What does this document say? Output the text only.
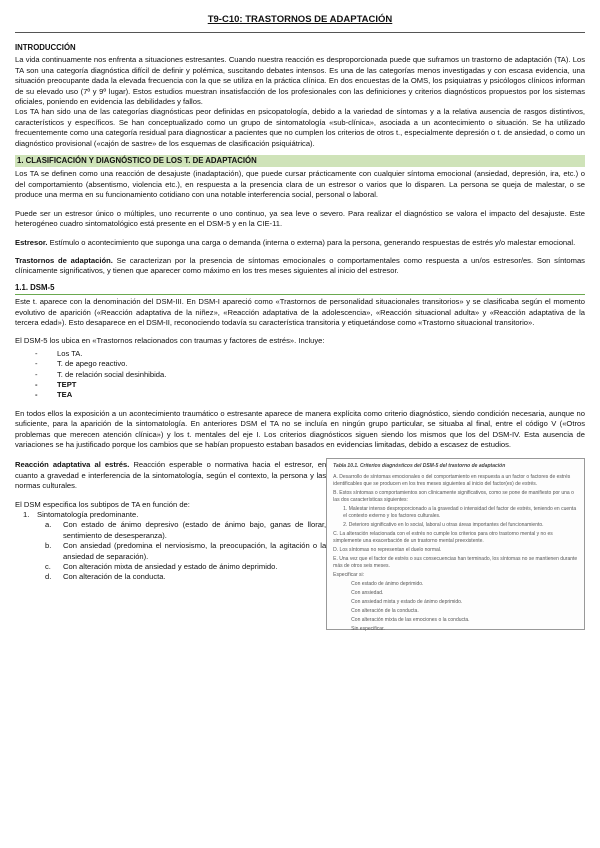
T9-C10: TRASTORNOS DE ADAPTACIÓN
INTRODUCCIÓN

La vida continuamente nos enfrenta a situaciones estresantes. Cuando nuestra reacción es desproporcionada puede que suframos un trastorno de adaptación (TA). Los TA son una categoría diagnóstica difícil de definir y polémica, suscitando debates intensos. Es una de las categorías menos investigadas y con escasa evidencia, una situación preocupante dada la elevada frecuencia con la que se utiliza en la práctica clínica. En dos encuestas de la OMS, los psiquiatras y psicólogos clínicos informan de su elevado uso (7º y 9º lugar). Estos estudios muestran insatisfacción de los profesionales con las definiciones y criterios diagnósticos propuestos por los sistemas oficiales, poniendo en evidencia las debilidades y fallos.

Los TA han sido una de las categorías diagnósticas peor definidas en psicopatología, debido a la variedad de síntomas y a la relativa ausencia de rasgos distintivos, característicos y específicos. Se han conceptualizado como un grupo de sintomatología «sub-clínica», asociada a un acontecimiento o situación. Se ha utilizado frecuentemente como una categoría residual para diagnosticar a pacientes que no cumplen los criterios de otros t., especialmente depresión o t. de ansiedad, o como un diagnóstico provisional («cajón de sastre» de los esquemas de clasificación psiquiátrica).

1. CLASIFICACIÓN Y DIAGNÓSTICO DE LOS T. DE ADAPTACIÓN

Los TA se definen como una reacción de desajuste (inadaptación), que puede cursar prácticamente con cualquier síntoma emocional (ansiedad, depresión, ira, etc.) o del comportamiento (absentismo, violencia etc.), en respuesta a la presencia clara de un estresor o varios que lo disparen. La persona se queja de malestar, o se produce una merma en su funcionamiento cotidiano con una notable interferencia social, personal o laboral.

Puede ser un estresor único o múltiples, uno recurrente o uno continuo, ya sea leve o severo. Para realizar el diagnóstico se valora el impacto del desajuste. Este heterogéneo cuadro sintomatológico está presente en el DSM-5 y en la CIE-11.

Estresor. Estímulo o acontecimiento que suponga una carga o demanda (interna o externa) para la persona, generando respuestas de estrés y/o malestar emocional.

Trastornos de adaptación. Se caracterizan por la presencia de síntomas emocionales o comportamentales como respuesta a un/os estresor/es. Son síntomas clínicamente significativos, y tienen que aparecer como máximo en los tres meses siguientes al inicio del estresor.

1.1. DSM-5

Este t. aparece con la denominación del DSM-III. En DSM-I apareció como «Trastornos de personalidad situacionales transitorios» y se clasificaba según el momento evolutivo de aparición («Reacción adaptativa de la niñez», «Reacción adaptativa de la adolescencia», «Reacción situacional adulta» y «Reacción adaptativa de la tercera edad»). Esto desaparece en el DSM-II, reconociendo todavía su característica transitoria y etiquetándose como «Trastorno situacional transitorio».

El DSM-5 los ubica en «Trastornos relacionados con traumas y factores de estrés». Incluye:

- Los TA.
- T. de apego reactivo.
- T. de relación social desinhibida.
- TEPT
- TEA

En todos ellos la exposición a un acontecimiento traumático o estresante aparece de manera explícita como criterio diagnóstico, siendo condición necesaria, aunque no suficiente, para la aparición de la sintomatología. En anteriores DSM el TA no se incluía en ningún grupo particular, se situaba al final, entre el código V («Otros problemas que merecen atención clínica») y los t. mentales del eje I. Los criterios diagnósticos siguen siendo los mismos que los del DSM-IV. Esta ausencia de variaciones se ha justificado porque los cambios que se habían propuesto estaban basados en evidencias limitadas, debido a escasez de estudios.

Reacción adaptativa al estrés. Reacción esperable o normativa hacia el estresor, en cuanto a gravedad e interferencia de la sintomatología, según el contexto, la persona y las normas culturales.

El DSM especifica los subtipos de TA en función de:

1. Sintomatología predominante.
a. Con estado de ánimo depresivo (estado de ánimo bajo, ganas de llorar, sentimiento de desesperanza).
b. Con ansiedad (predomina el nerviosismo, la preocupación, la agitación o la ansiedad de separación).
c. Con alteración mixta de ansiedad y estado de ánimo deprimido.
d. Con alteración de la conducta.
Tabla 10.1. Criterios diagnósticos del DSM-5 del trastorno de adaptación
A. Desarrollo de síntomas emocionales o del comportamiento en respuesta a un factor o factores de estrés identificables que se producen en los tres meses siguientes al inicio del factor(es) de estrés.
B. Estos síntomas o comportamientos son clínicamente significativos, como se pone de manifiesto por una o las dos características siguientes:
1. Malestar intenso desproporcionado a la gravedad o intensidad del factor de estrés, teniendo en cuenta el contexto externo y los factores culturales.
2. Deterioro significativo en lo social, laboral u otras áreas importantes del funcionamiento.
C. La alteración relacionada con el estrés no cumple los criterios para otro trastorno mental y no es simplemente una exacerbación de un trastorno mental preexistente.
D. Los síntomas no representan el duelo normal.
E. Una vez que el factor de estrés o sus consecuencias han terminado, los síntomas no se mantienen durante más de otros seis meses.
Especificar si:
Con estado de ánimo deprimido.
Con ansiedad.
Con ansiedad mixta y estado de ánimo deprimido.
Con alteración de la conducta.
Con alteración mixta de las emociones o la conducta.
Sin especificar.
